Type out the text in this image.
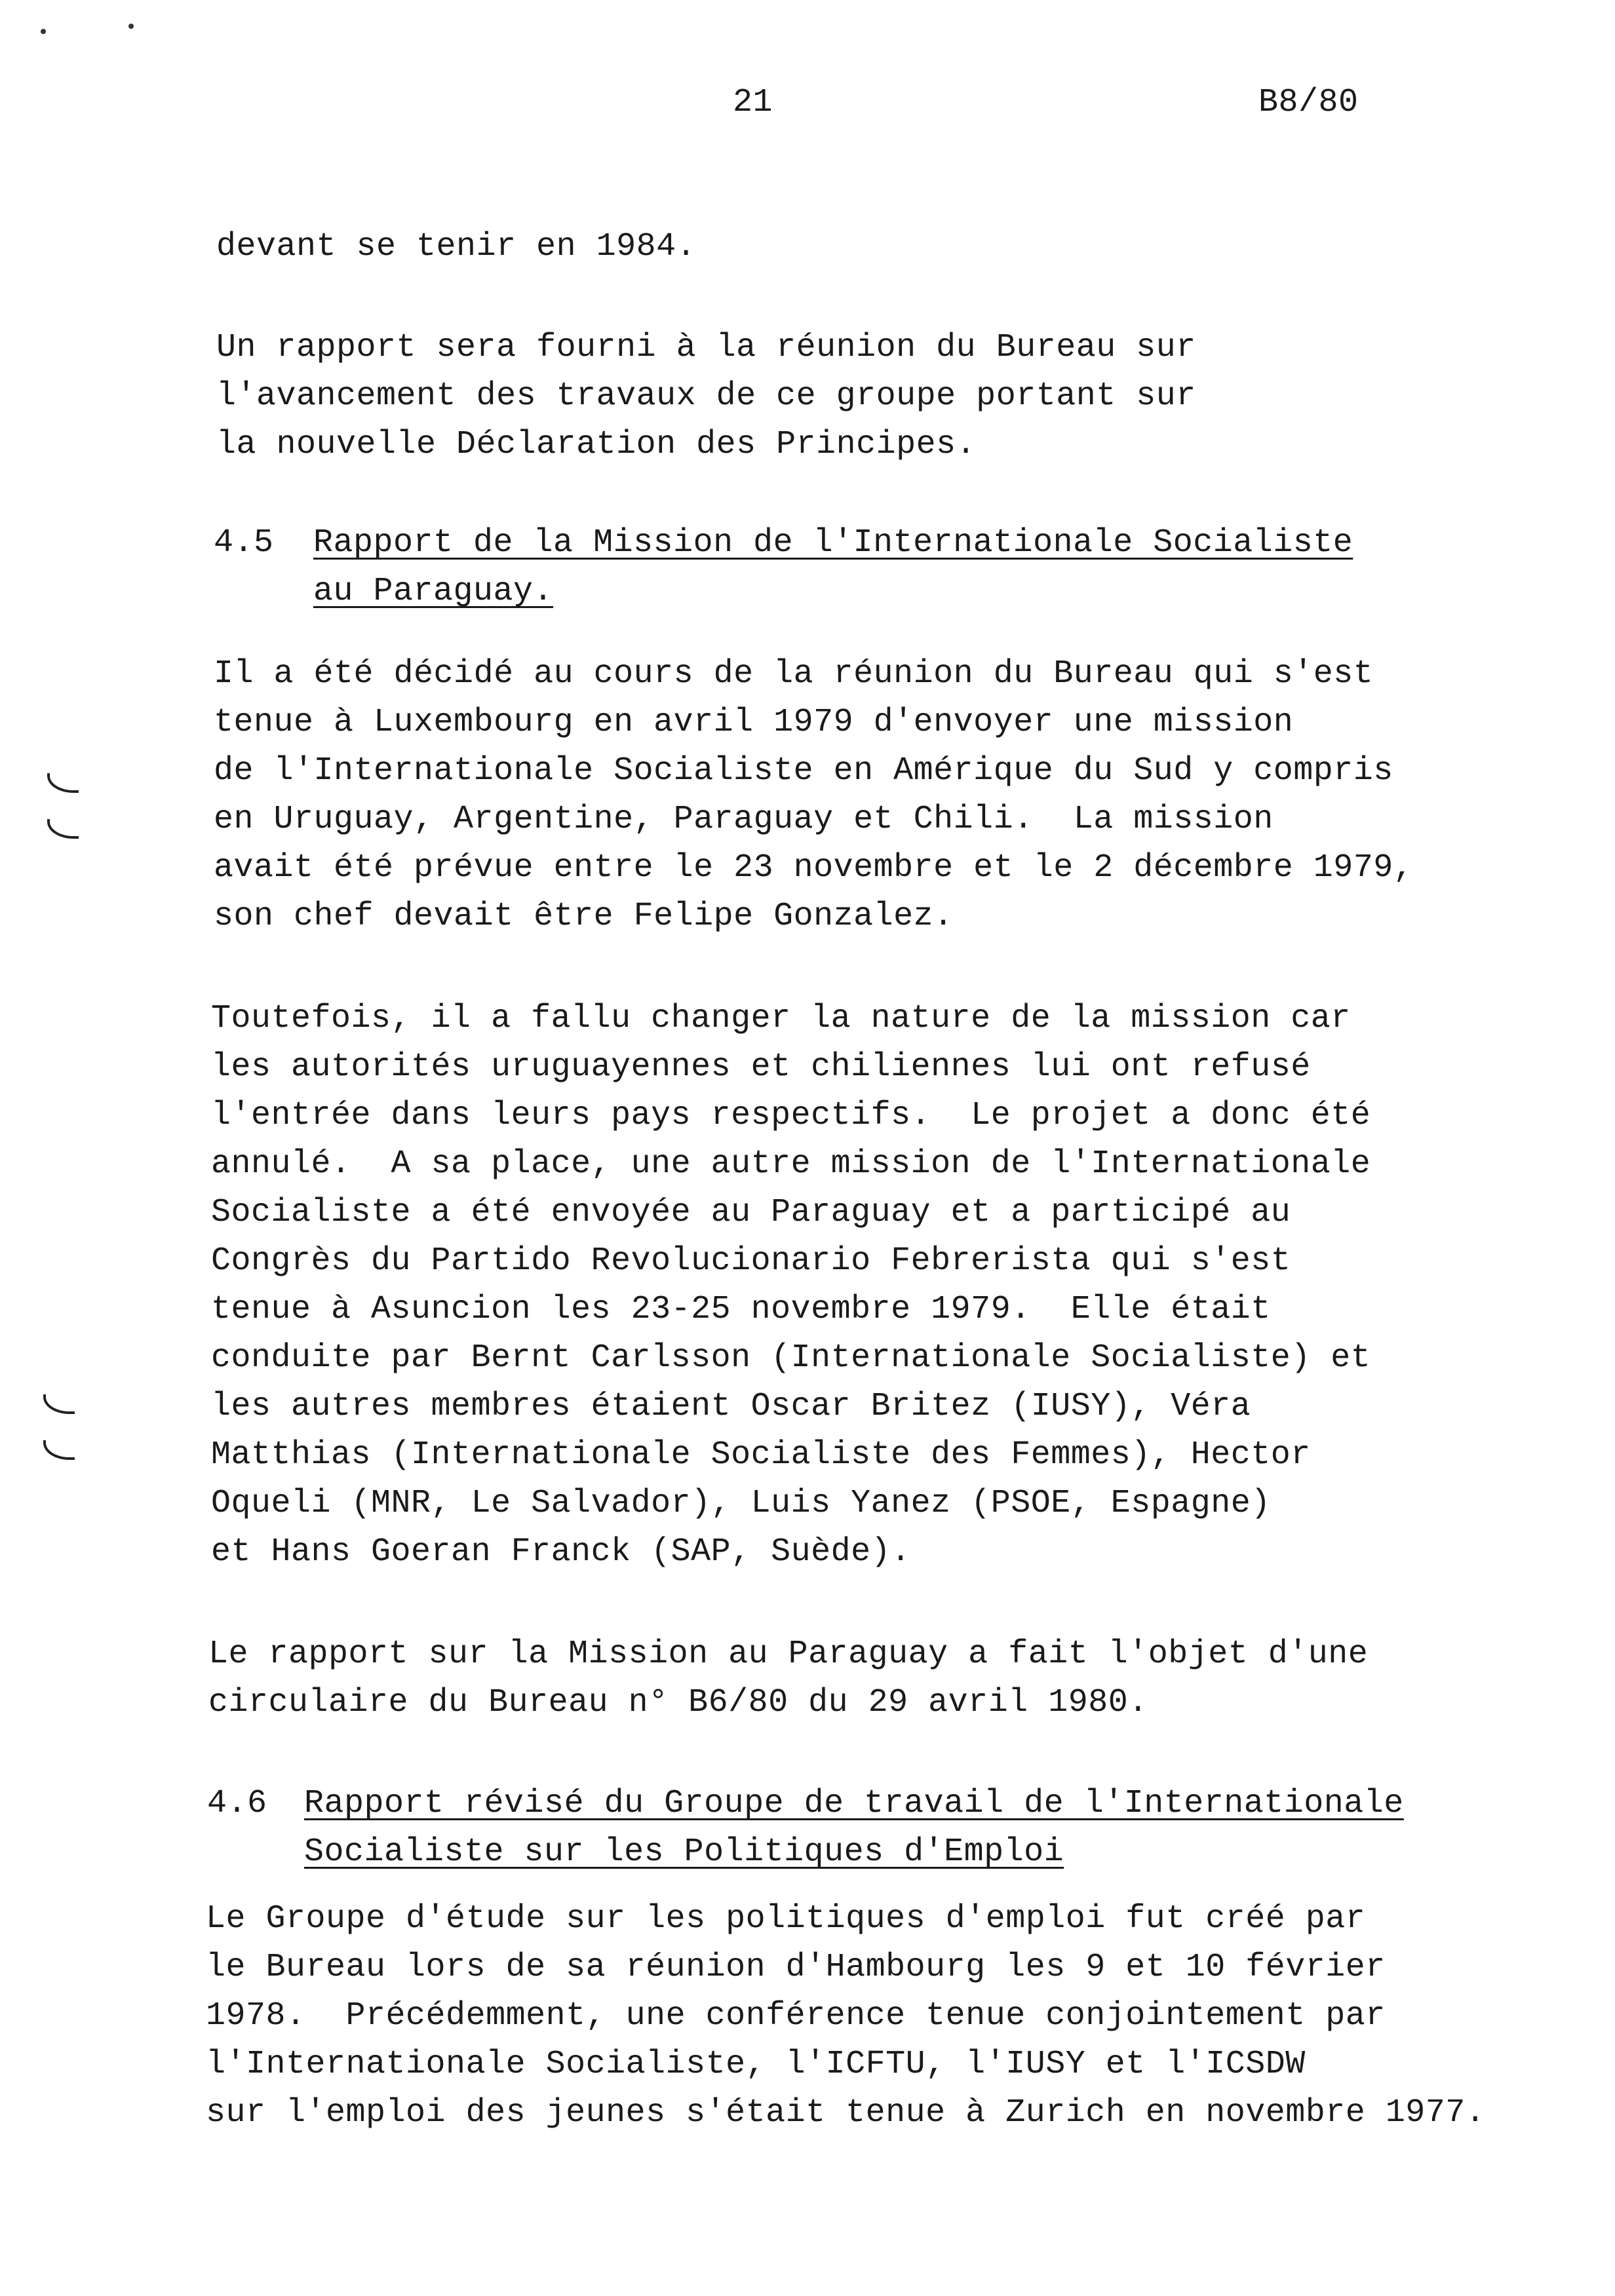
21	B8/80
devant se tenir en 1984.
Un rapport sera fourni à la réunion du Bureau sur
l'avancement des travaux de ce groupe portant sur
la nouvelle Déclaration des Principes.
4.5 Rapport de la Mission de l'Internationale Socialiste
au Paraguay.
Il a été décidé au cours de la réunion du Bureau qui s'est
tenue à Luxembourg en avril 1979 d'envoyer une mission
de l'Internationale Socialiste en Amérique du Sud y compris
en Uruguay, Argentine, Paraguay et Chili.  La mission
avait été prévue entre le 23 novembre et le 2 décembre 1979,
son chef devait être Felipe Gonzalez.
Toutefois, il a fallu changer la nature de la mission car
les autorités uruguayennes et chiliennes lui ont refusé
l'entrée dans leurs pays respectifs.  Le projet a donc été
annulé.  A sa place, une autre mission de l'Internationale
Socialiste a été envoyée au Paraguay et a participé au
Congrès du Partido Revolucionario Febrerista qui s'est
tenue à Asuncion les 23-25 novembre 1979.  Elle était
conduite par Bernt Carlsson (Internationale Socialiste) et
les autres membres étaient Oscar Britez (IUSY), Véra
Matthias (Internationale Socialiste des Femmes), Hector
Oqueli (MNR, Le Salvador), Luis Yanez (PSOE, Espagne)
et Hans Goeran Franck (SAP, Suède).
Le rapport sur la Mission au Paraguay a fait l'objet d'une
circulaire du Bureau n° B6/80 du 29 avril 1980.
4.6 Rapport révisé du Groupe de travail de l'Internationale
Socialiste sur les Politiques d'Emploi
Le Groupe d'étude sur les politiques d'emploi fut créé par
le Bureau lors de sa réunion d'Hambourg les 9 et 10 février
1978.  Précédemment, une conférence tenue conjointement par
l'Internationale Socialiste, l'ICFTU, l'IUSY et l'ICSDW
sur l'emploi des jeunes s'était tenue à Zurich en novembre 1977.
